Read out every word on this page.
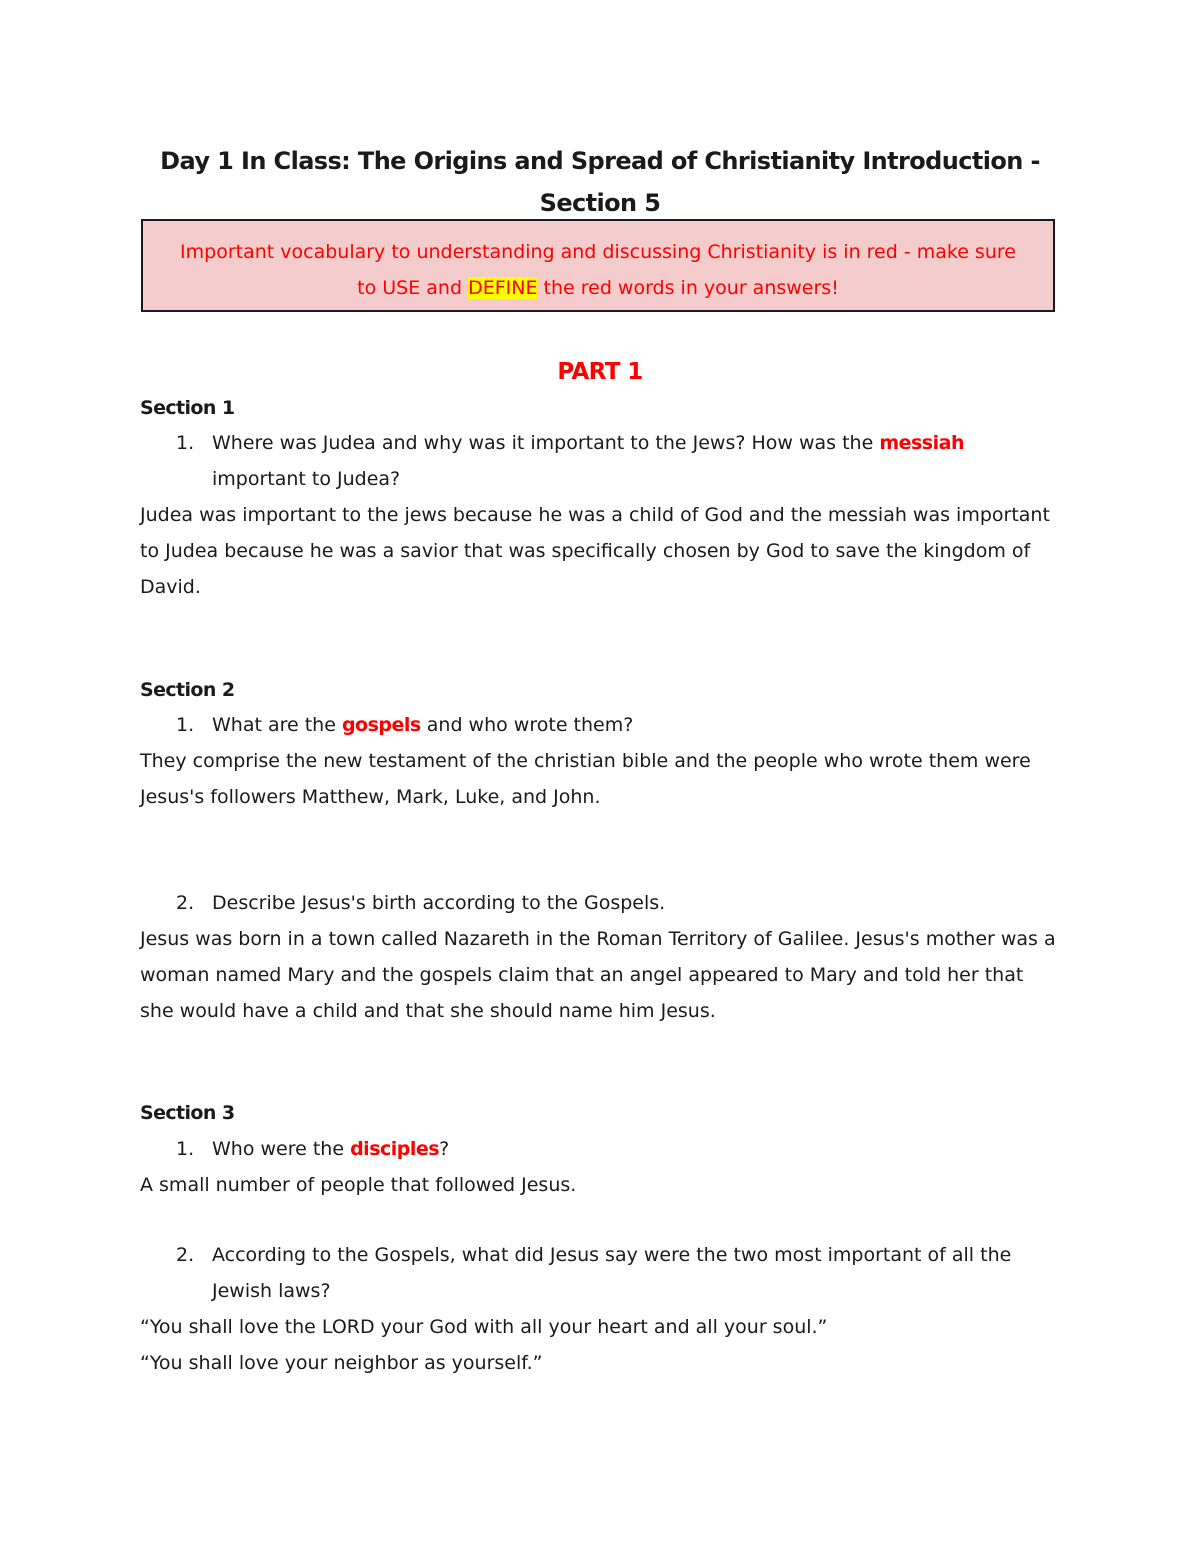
Day 1 In Class: The Origins and Spread of Christianity Introduction -
Section 5
Important vocabulary to understanding and discussing Christianity is in red - make sure
to USE and DEFINE the red words in your answers!
PART 1
Section 1
1. Where was Judea and why was it important to the Jews? How was the messiah
important to Judea?
Judea was important to the jews because he was a child of God and the messiah was important to Judea because he was a savior that was specifically chosen by God to save the kingdom of David.
Section 2
1. What are the gospels and who wrote them?
They comprise the new testament of the christian bible and the people who wrote them were Jesus's followers Matthew, Mark, Luke, and John.
2. Describe Jesus's birth according to the Gospels.
Jesus was born in a town called Nazareth in the Roman Territory of Galilee. Jesus's mother was a woman named Mary and the gospels claim that an angel appeared to Mary and told her that she would have a child and that she should name him Jesus.
Section 3
1. Who were the disciples?
A small number of people that followed Jesus.
2. According to the Gospels, what did Jesus say were the two most important of all the Jewish laws?
“You shall love the LORD your God with all your heart and all your soul.”
“You shall love your neighbor as yourself.”
